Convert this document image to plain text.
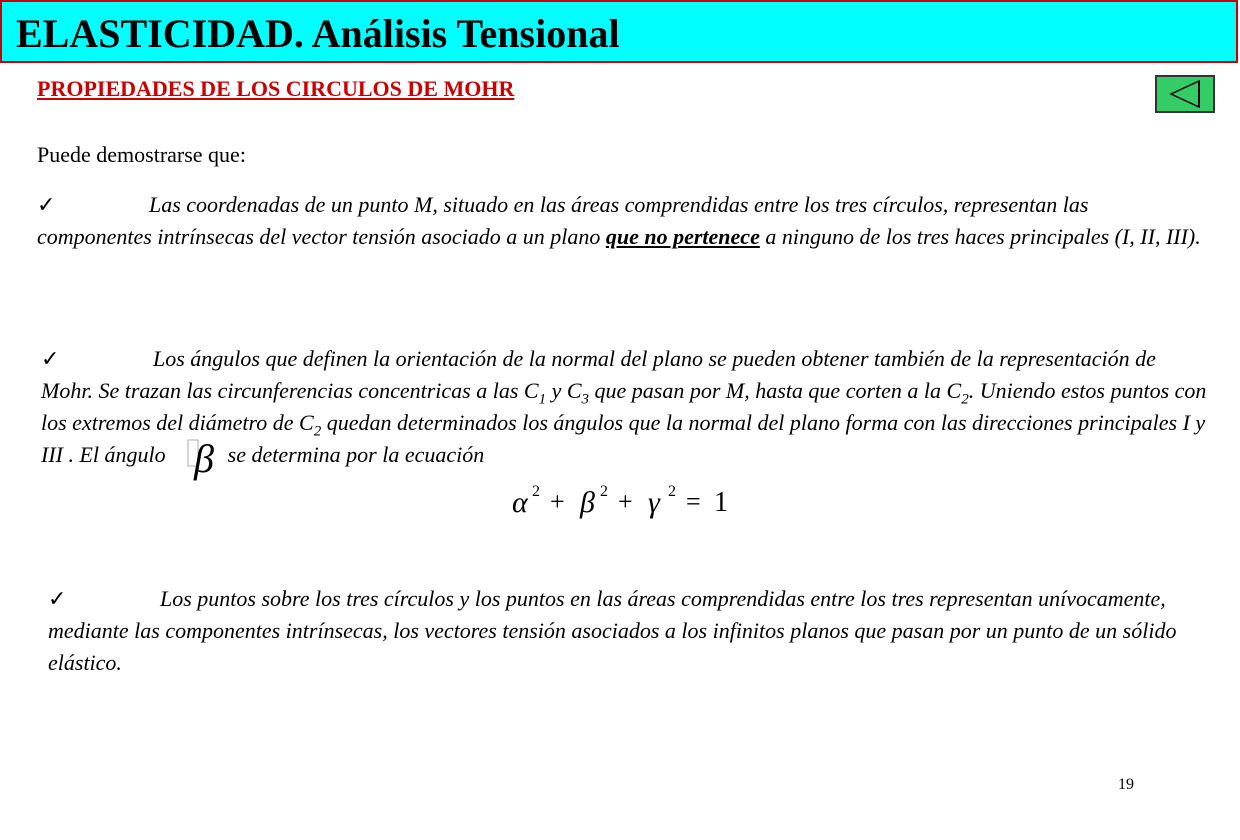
ELASTICIDAD. Análisis Tensional
PROPIEDADES DE LOS CIRCULOS DE MOHR
Puede demostrarse que:
✓	Las coordenadas de un punto M, situado en las áreas comprendidas entre los tres círculos, representan las componentes intrínsecas del vector tensión asociado a un plano que no pertenece a ninguno de los tres haces principales (I, II, III).
✓	Los ángulos que definen la orientación de la normal del plano se pueden obtener también de la representación de Mohr. Se trazan las circunferencias concentricas a las $C_1$ y $C_3$ que pasan por M, hasta que corten a la $C_2$. Uniendo estos puntos con los extremos del diámetro de $C_2$ quedan determinados los ángulos que la normal del plano forma con las direcciones principales I y III . El ángulo β se determina por la ecuación
α 2 + β 2 + γ 2 = 1
✓	Los puntos sobre los tres círculos y los puntos en las áreas comprendidas entre los tres representan unívocamente, mediante las componentes intrínsecas, los vectores tensión asociados a los infinitos planos que pasan por un punto de un sólido elástico.
19
